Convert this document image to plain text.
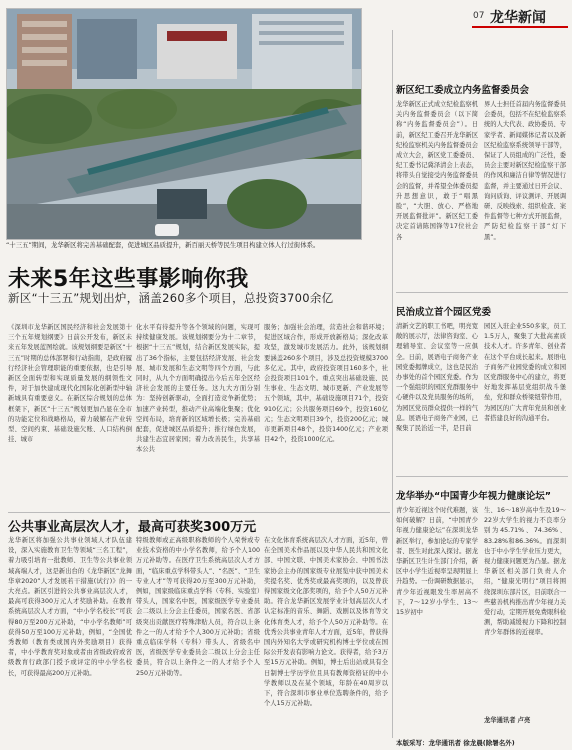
07 龙华新闻
“十三五”期间，龙华新区将完善基础配套，促进城区品质提升，新百丽天桥等民生项目构建立体人行过街体系。
未来5年这些事影响你我
新区“十三五”规划出炉，涵盖260多个项目，总投资3700余亿
《深圳市龙华新区国民经济和社会发展第十三个五年规划纲要》日前公开发布，新区未来五年发展蓝图绘就。该规划纲要是新区“十三五”时期的总体部署和行动指南，是政府履行经济社会管理职能的重要依据，也是引导新区全面转型和实现质量发展的纲领性文件，对于加快建成现代化国际化创新型中轴新城具有重要意义。在新区综合规划的总体框架下，新区“十三五”规划更加凸显在全市的功能定位和战略格局，着力破解在产业转型、空间约束、基础设施欠账、人口结构倒挂、城市
化水平有待提升等各个领域的问题，实现可持续健康发展。该规划纲要分为十二章节，根据“十三五”规划，结合新区发展实际，提出了36个指标，主要包括经济发展、社会发展、城市发展和生态文明等四个方面，与此同时，从九个方面明确提出今后五年全区经济社会发展的主要任务。这九大方面分别为：坚持创新驱动，全面打造竞争新优势；加速产业转型，推动产业高端化集聚；优化空间布局，培育新的区域增长极；完善基础配套，促进城区品质提升；推行绿色发展，共建生态宜居家园；着力改善民生，共享基本公共
服务；加强社会治理，营造社会和谐环境；促进区域合作，形成开放新格局；深化改革攻坚，激发城市发展活力。此外，该规划纲要涵盖260多个项目，涉及总投资规模3700多亿元。其中，政府投资项目160多个，社会投资项目101个。重点突出基础设施、民生事业、生态文明、城市更新、产业发展等五个领域，其中，基础设施项目71个，投资910亿元；公共服务项目69个，投资160亿元；生态文明项目39个，投资200亿元；城市更新项目48个，投资1400亿元；产业项目42个，投资1000亿元。
公共事业高层次人才，最高可获奖300万元
龙华新区将加强公共事业领域人才队伍建设，深入实施教育卫生等领域“三名工程”，着力吸引培育一批教师、卫生等公共事业领域高端人才，这是新出台的《龙华新区“龙舞华章2020”人才发展若干措施(试行)》的一大亮点。新区引进的公共事业高层次人才，最高可获得300万元人才奖励补助。在教育系统高层次人才方面，“中小学名校长”可获得80万至200万元补助，“中小学名教师”可获得50万至100万元补助，例如，“全国优秀教师（教育类或国内外奖励项目）获得者，中小学教育奖对象或者由省级政府或省级教育行政部门授予或评定的中小学名校长，可获得最高200万元补助。
特级教师或正高级职称教师的个人荣誉或专业技术资格的中小学名教师，给予个人100万元补助等。在医疗卫生系统高层次人才方面，“临床重点学科带头人”、“名医”、“卫生专业人才”等可获得20万至300万元补助，例如，国家级临床重点学科（专科、实验室）带头人，国家名中医，国家级医学专业委员会二级以上分会主任委员，国家名医、省部级突出贡献医疗特殊津贴人员，符合以上条件之一的人才给予个人300万元补助；省级重点临床学科（专科）带头人、省级名中医，省级医学专业委员会二级以上分会主任委员，符合以上条件之一的人才给予个人250万元补助等。
在文化体育系统高层次人才方面，近5年，曾在全国美术作品展以及中华人民共和国文化部、中国文联、中国美术家协会、中国书法家协会主办的国家级专业展览中获中国美术奖提名奖、优秀奖或最高奖项的，以及曾获得国家级文化部奖项的，给予个人50万元补助。符合龙华新区发展学业计划高层次人才认定标准的音乐、舞蹈、戏剧以及体育等文化体育类人才，给予个人50万元补助等。在优秀公共事业青年人才方面，近5年，曾获得国内外知名大学或研究机构博士学位或在国际公开发表有影响力论文。获得者，给予3万至15万元补助。例如，博士后出站或具有全日制博士学历学位且具有教师资格证的中小学教师以及在某个领域，年龄在40周岁以下，符合深圳市事业单位选聘条件的，给予个人15万元补助。
新区纪工委成立内务监督委员会
龙华新区正式成立纪检监察机关内务监督委员会（以下简称“内务监督委员会”）。日前，新区纪工委召开龙华新区纪检监察机关内务监督委员会成立大会，新区党工委委员、纪工委书记冀泽清会上表态，将带头自觉接受内务监督委员会的监督，并希望全体委员提升思想意识，敢于“唱黑脸”，“大胆、放心、严格地开展监督批评”。新区纪工委决定首请陈国锋等17位社会各
界人士担任首届内务监督委员会委员，包括不在纪检监察系统的人大代表、政协委员、专家学者、新闻媒体记者以及新区纪检监察系统领导干部等，保证了人员组成的广泛性，委员会主要对新区纪检监察干部的作风和廉洁自律等情况进行监督，并主要通过日开会议、询问质询、评议测评、开展调研、反映线索、组织检查、案件监督等七种方式开展监督，严防纪检监察干部“灯下黑”。
民治成立首个园区党委
清新文艺的职工书吧，明亮宽敞的展示厅，法律咨询室、心理辅导室、会议室等一应俱全。日前，展语电子商务产业园党委揭牌成立，这也是民治办事处的首个园区党委。作为一个强组织的园区党群服务中心硬件以及党员服务的场所，为园区党员群众提供一样的气息。展语电子商务产业园，已聚集了民治近一半，是目前
园区入驻企业550多家，员工1.5万人，聚集了大批高素质技术人才。许多青年、创业者在这个平台成长起来。展语电子商务产业园党委的成立和园区党群服务中心的建立，将更好地发挥基层党组织战斗堡垒，党和群众桥梁纽带作用，为园区的广大青年党员和创业者搭建良好的沟通平台。
龙华举办“中国青少年视力健康论坛”
青少年近视这个时代难题，该如何破解？日前，“中国青少年视力健康论坛”在深圳龙华新区举行，参加论坛的专家学者、医生对此深入探讨。据龙华新区卫生计生部门介绍，新区中小学生近视率呈现明显上升趋势。一份调研数据显示，青少年近视眼发生率居高不下，7～12岁小学生、13～15岁初中
生、16～18岁高中生及19～22岁大学生的视力不良率分别为45.71%、74.36%、83.28%和86.36%。而深圳也于中小学生学业压力更大，视力健康问题更为凸显。据龙华新区相关部门负责人介绍，“健康光明行”项目将围绕深圳东部片区，目前联合一些慈善机构推出青少年视力关爱行动，定期开展免费眼科检测，帮助减缓视力下降和控制青少年群体的近视率。
龙华通讯者 卢亮
本版采写：龙华通讯者 徐龙晨(除署名外)
